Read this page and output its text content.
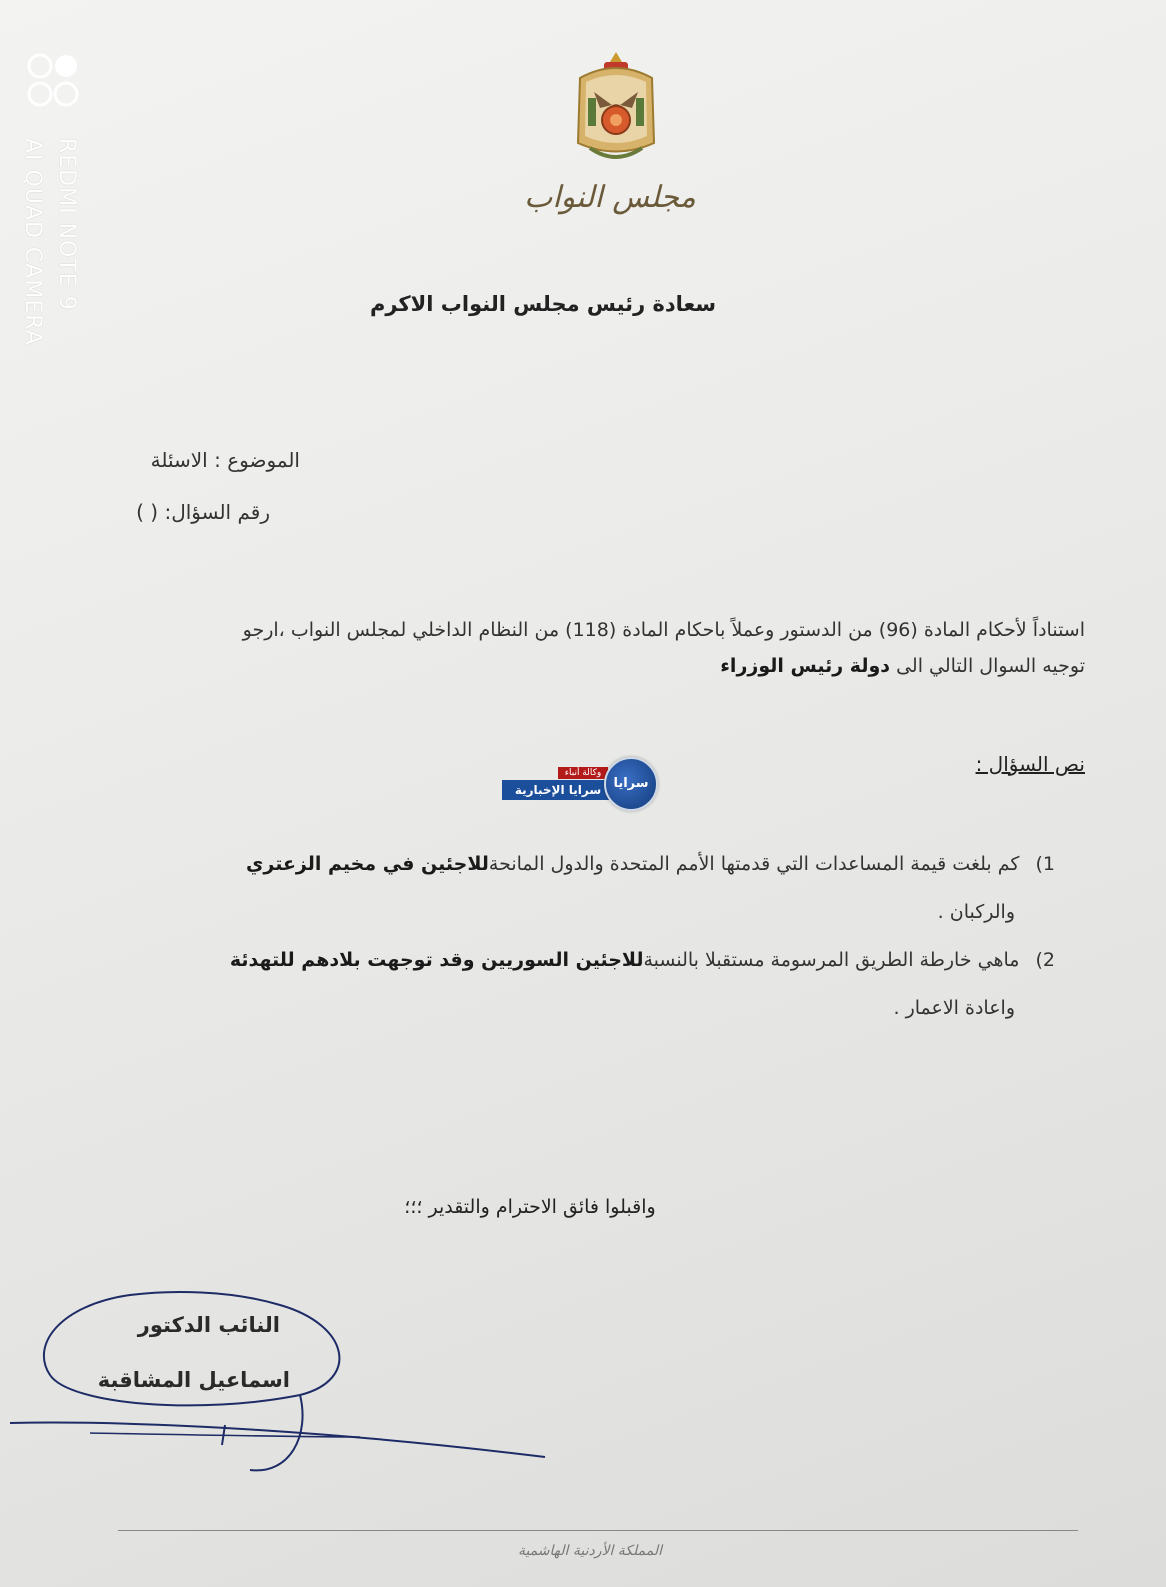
REDMI NOTE 9
AI QUAD CAMERA	مجلس النواب
سعادة رئيس مجلس النواب الاكرم
الموضوع : الاسئلة
رقم السؤال: ( )
استناداً لأحكام المادة (96) من الدستور وعملاً باحكام المادة (118) من النظام الداخلي لمجلس النواب ،ارجو
توجيه السوال التالي الى دولة رئيس الوزراء
نص السؤال :
وكالة أنباء
سرايا الإخبارية سرايا
1) كم بلغت قيمة المساعدات التي قدمتها الأمم المتحدة والدول المانحةللاجئين في مخيم الزعتري
والركبان .
2) ماهي خارطة الطريق المرسومة مستقبلا بالنسبةللاجئين السوريين وقد توجهت بلادهم للتهدئة
واعادة الاعمار .
واقبلوا فائق الاحترام والتقدير ؛؛؛
النائب الدكتور
اسماعيل المشاقبة
المملكة الأردنية الهاشمية
